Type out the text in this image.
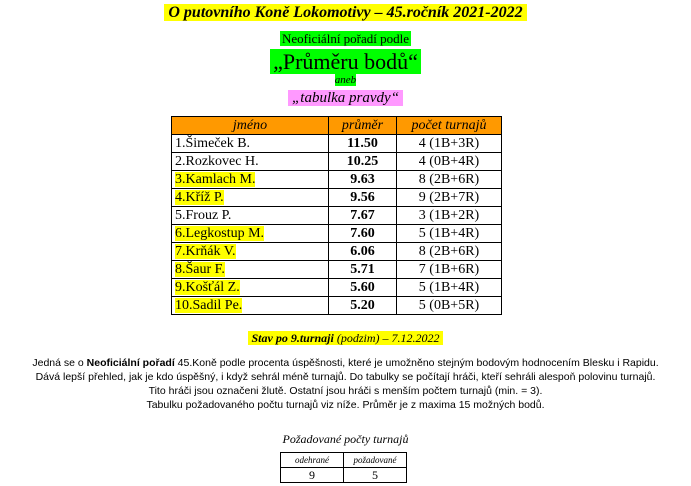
O putovního Koně Lokomotivy – 45.ročník 2021-2022
Neoficiální pořadí podle
„Průměru bodů“
aneb
„tabulka pravdy“
jméno	průměr	počet turnajů
1.Šimeček B.	11.50	4 (1B+3R)
2.Rozkovec H.	10.25	4 (0B+4R)
3.Kamlach M.	9.63	8 (2B+6R)
4.Kříž P.	9.56	9 (2B+7R)
5.Frouz P.	7.67	3 (1B+2R)
6.Legkostup M.	7.60	5 (1B+4R)
7.Krňák V.	6.06	8 (2B+6R)
8.Šaur F.	5.71	7 (1B+6R)
9.Košťál Z.	5.60	5 (1B+4R)
10.Sadil Pe.	5.20	5 (0B+5R)
Stav po 9.turnaji (podzim) – 7.12.2022
Jedná se o Neoficiální pořadí 45.Koně podle procenta úspěšnosti, které je umožněno stejným bodovým hodnocením Blesku i Rapidu.
Dává lepší přehled, jak je kdo úspěšný, i když sehrál méně turnajů. Do tabulky se počítají hráči, kteří sehráli alespoň polovinu turnajů.
Tito hráči jsou označeni žlutě. Ostatní jsou hráči s menším počtem turnajů (min. = 3).
Tabulku požadovaného počtu turnajů viz níže. Průměr je z maxima 15 možných bodů.
Požadované počty turnajů
odehrané	požadované
9	5
